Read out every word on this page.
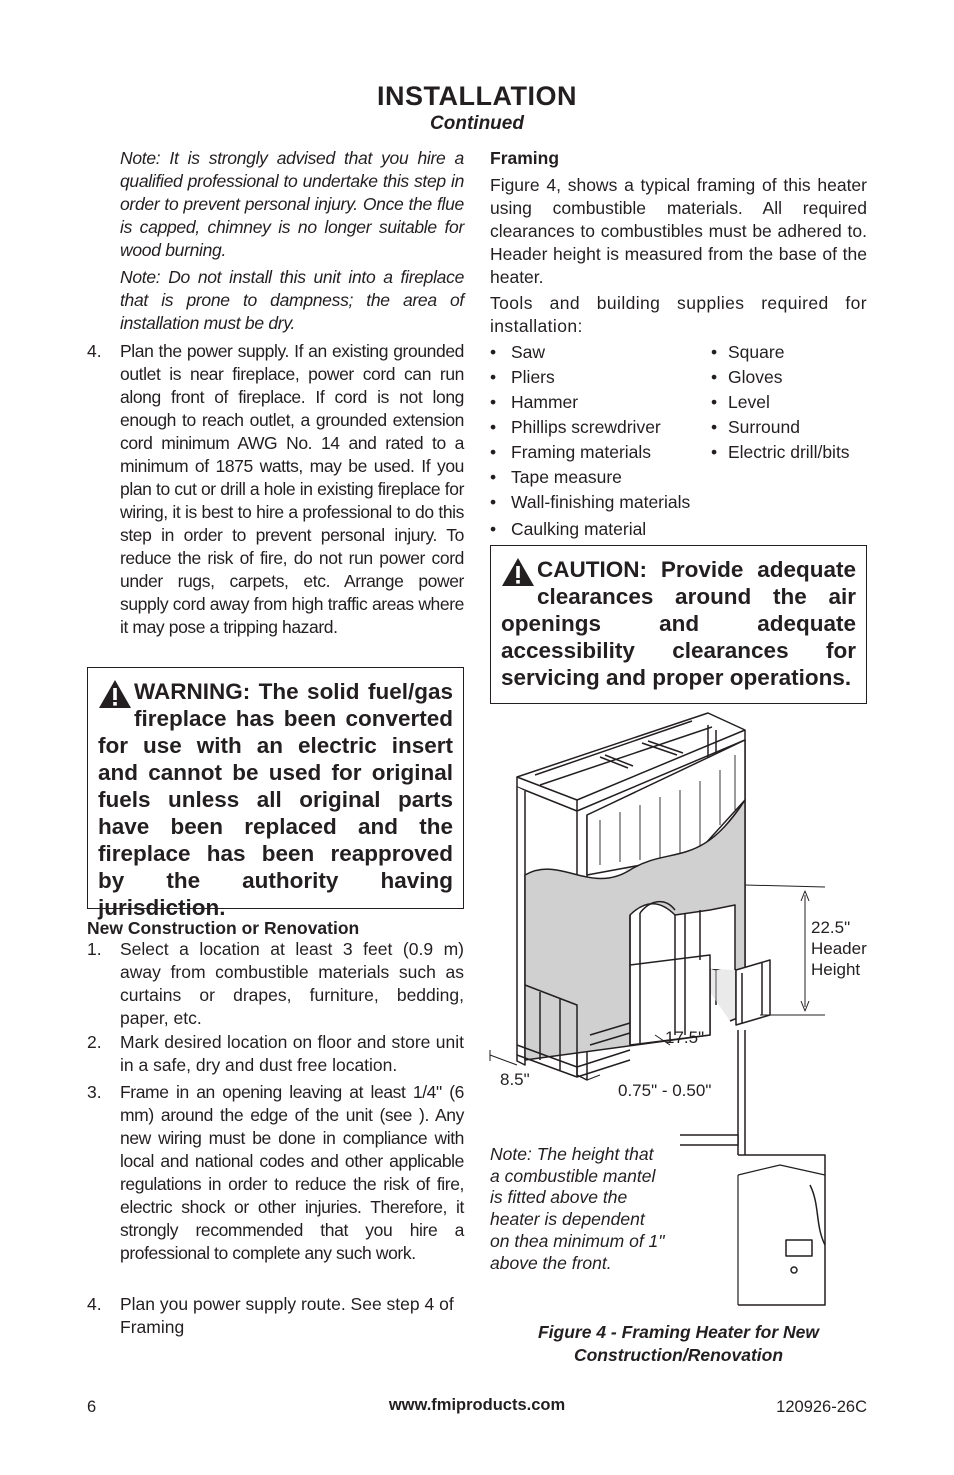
INSTALLATION
Continued
Note: It is strongly advised that you hire a qualified professional to undertake this step in order to prevent personal injury. Once the flue is capped, chimney is no longer suitable for wood burning.
Note: Do not install this unit into a fireplace that is prone to dampness; the area of installation must be dry.
4.	Plan the power supply. If an existing grounded outlet is near fireplace, power cord can run along front of fireplace. If cord is not long enough to reach outlet, a grounded extension cord minimum AWG No. 14 and rated to a minimum of 1875 watts, may be used. If you plan to cut or drill a hole in existing fireplace for wiring, it is best to hire a professional to do this step in order to prevent personal injury. To reduce the risk of fire, do not run power cord under rugs, carpets, etc. Arrange power supply cord away from high traffic areas where it may pose a tripping hazard.
WARNING: The solid fuel/gas fireplace has been converted for use with an electric insert and cannot be used for original fuels unless all original parts have been replaced and the fireplace has been reapproved by the authority having jurisdiction.
New Construction or Renovation
1.	Select a location at least 3 feet (0.9 m) away from combustible materials such as curtains or drapes, furniture, bedding, paper, etc.
2.	Mark desired location on floor and store unit in a safe, dry and dust free location.
3.	Frame in an opening leaving at least 1/4" (6 mm) around the edge of the unit (see ). Any new wiring must be done in compliance with local and national codes and other applicable regulations in order to reduce the risk of fire, electric shock or other injuries. Therefore, it strongly recommended that you hire a professional to complete any such work.
4.	Plan you power supply route. See step 4 of Framing
Framing
Figure 4, shows a typical framing of this heater using combustible materials. All required clearances to combustibles must be adhered to. Header height is measured from the base of the heater.
Tools and building supplies required for installation:
• Saw
• Pliers
• Hammer
• Phillips screwdriver
• Framing materials
• Tape measure
• Wall-finishing materials
• Caulking material
• Square
• Gloves
• Level
• Surround
• Electric drill/bits
CAUTION: Provide adequate clearances around the air openings and adequate accessibility clearances for servicing and proper operations.
22.5"
Header
Height
17.5"
8.5"
0.75" - 0.50"
Note: The height that a combustible mantel is fitted above the heater is dependent on thea minimum of 1" above the front.
Figure 4 - Framing Heater for New Construction/Renovation
6	www.fmiproducts.com	120926-26C
